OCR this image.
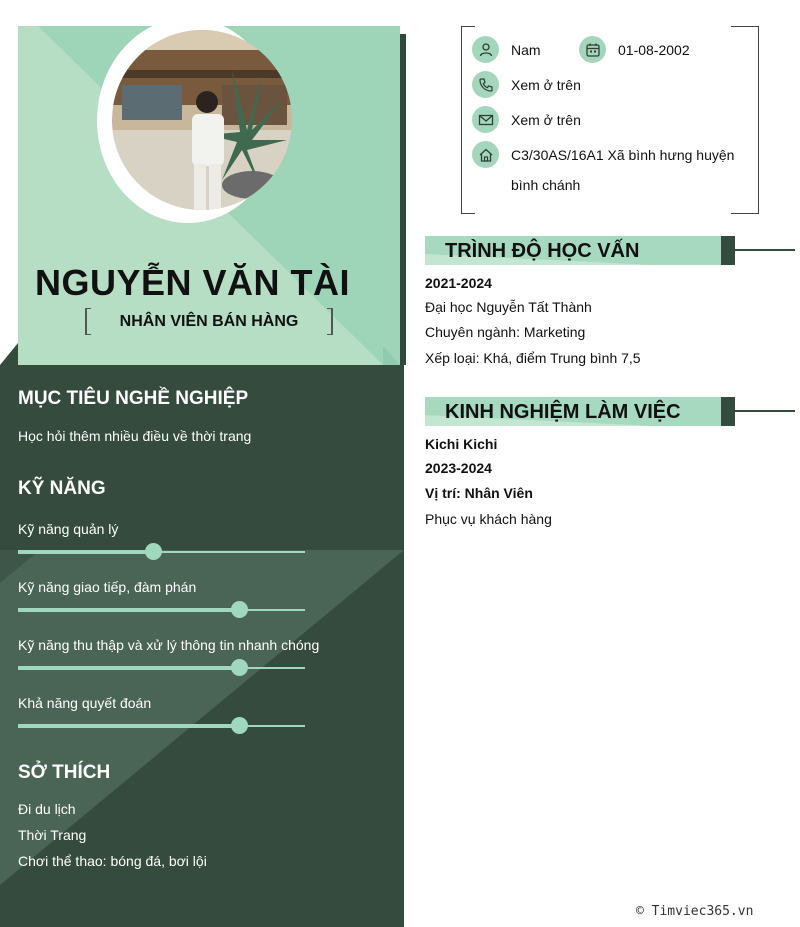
NGUYỄN VĂN TÀI
NHÂN VIÊN BÁN HÀNG
MỤC TIÊU NGHỀ NGHIỆP
Học hỏi thêm nhiều điều về thời trang
KỸ NĂNG
Kỹ năng quản lý
Kỹ năng giao tiếp, đàm phán
Kỹ năng thu thập và xử lý thông tin nhanh chóng
Khả năng quyết đoán
SỞ THÍCH
Đi du lịch
Thời Trang
Chơi thể thao: bóng đá, bơi lội
Nam	01-08-2002
Xem ở trên
Xem ở trên
C3/30AS/16A1 Xã bình hưng huyện
bình chánh
TRÌNH ĐỘ HỌC VẤN
2021-2024
Đại học Nguyễn Tất Thành
Chuyên ngành: Marketing
Xếp loại: Khá, điểm Trung bình 7,5
KINH NGHIỆM LÀM VIỆC
Kichi Kichi
2023-2024
Vị trí: Nhân Viên
Phục vụ khách hàng
© Timviec365.vn
